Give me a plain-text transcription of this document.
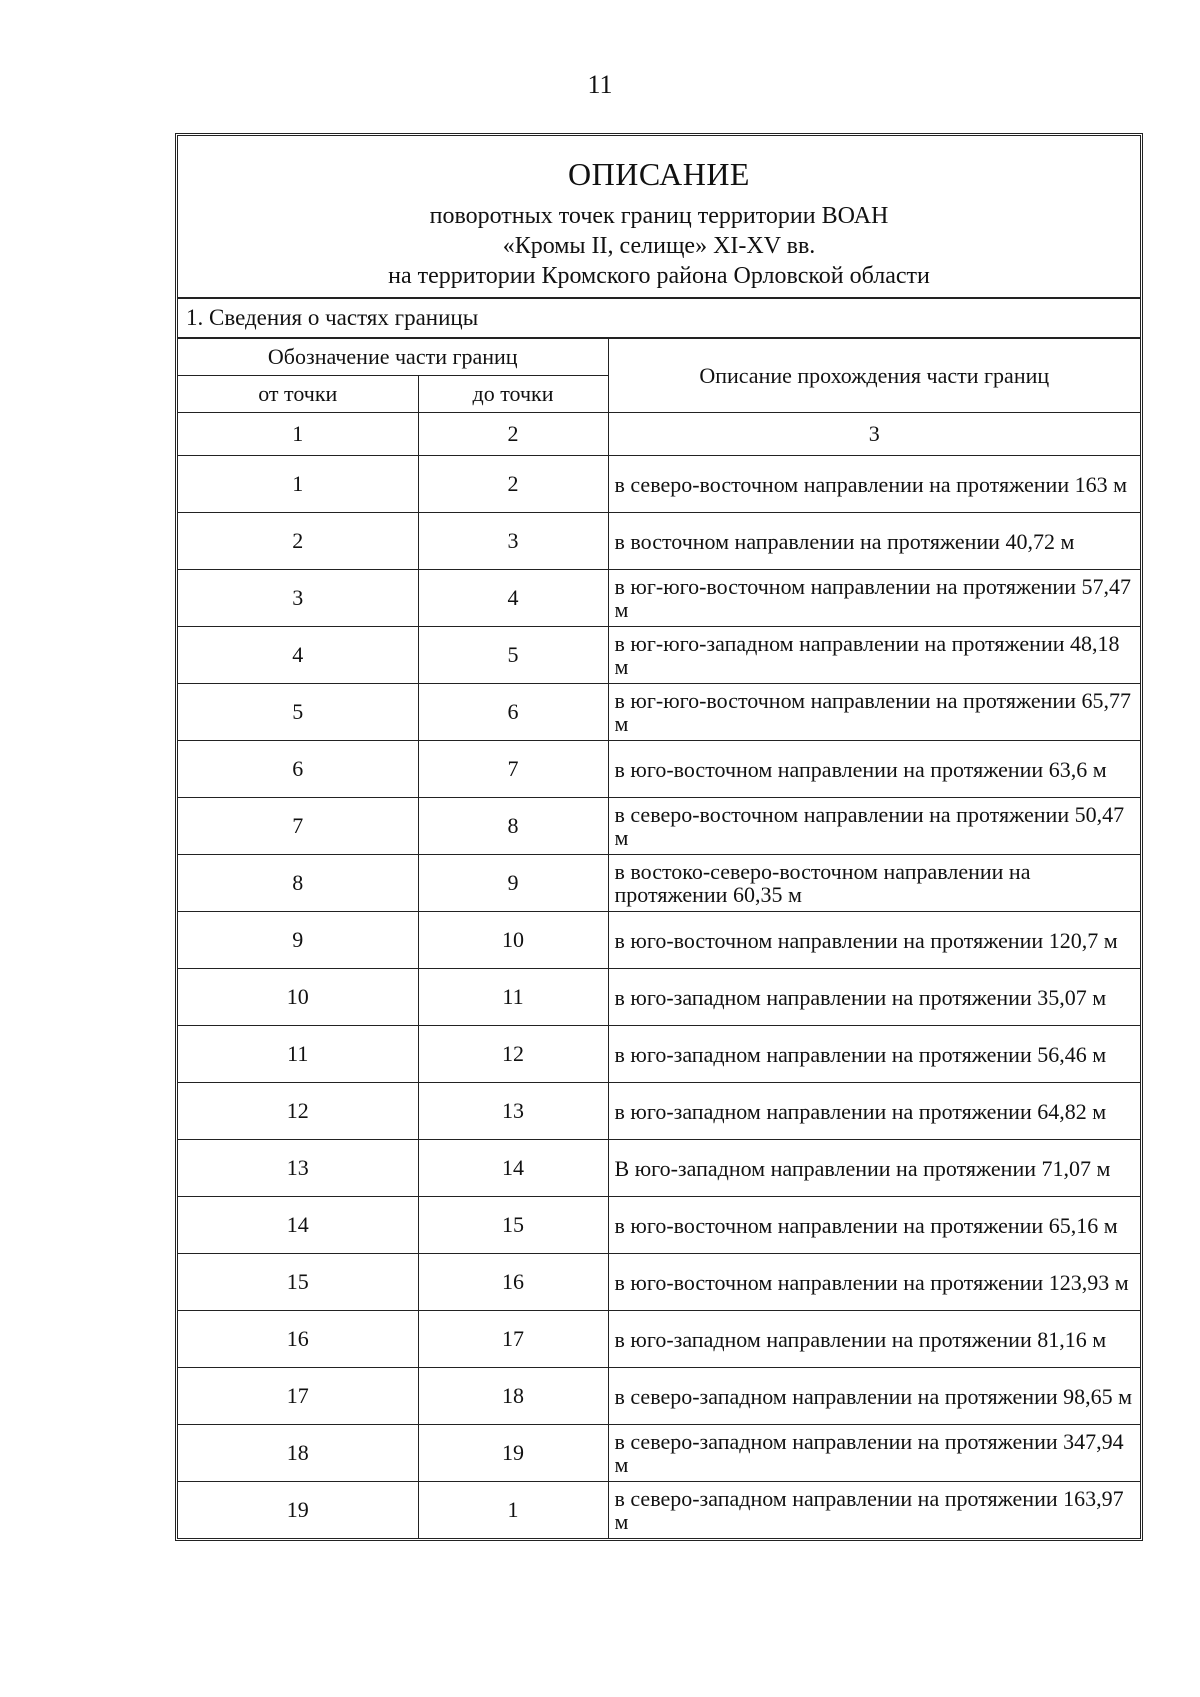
11
ОПИСАНИЕ
поворотных точек границ территории ВОАН
«Кромы II, селище» XI-XV вв.
на территории Кромского района Орловской области
1. Сведения о частях границы
Обозначение части границ		Описание прохождения части границ
от точки	до точки	
1	2	3
1	2	в северо-восточном направлении на протяжении 163 м
2	3	в восточном направлении на протяжении 40,72 м
3	4	в юг-юго-восточном направлении на протяжении 57,47 м
4	5	в юг-юго-западном направлении на протяжении 48,18 м
5	6	в юг-юго-восточном направлении на протяжении 65,77 м
6	7	в юго-восточном направлении на протяжении 63,6 м
7	8	в северо-восточном направлении на протяжении 50,47 м
8	9	в востоко-северо-восточном направлении на протяжении 60,35 м
9	10	в юго-восточном направлении на протяжении 120,7 м
10	11	в юго-западном направлении на протяжении 35,07 м
11	12	в юго-западном направлении на протяжении 56,46 м
12	13	в юго-западном направлении на протяжении 64,82 м
13	14	В юго-западном направлении на протяжении 71,07 м
14	15	в юго-восточном направлении на протяжении 65,16 м
15	16	в юго-восточном направлении на протяжении 123,93 м
16	17	в юго-западном направлении на протяжении 81,16 м
17	18	в северо-западном направлении на протяжении 98,65 м
18	19	в северо-западном направлении на протяжении 347,94 м
19	1	в северо-западном направлении на протяжении 163,97 м
